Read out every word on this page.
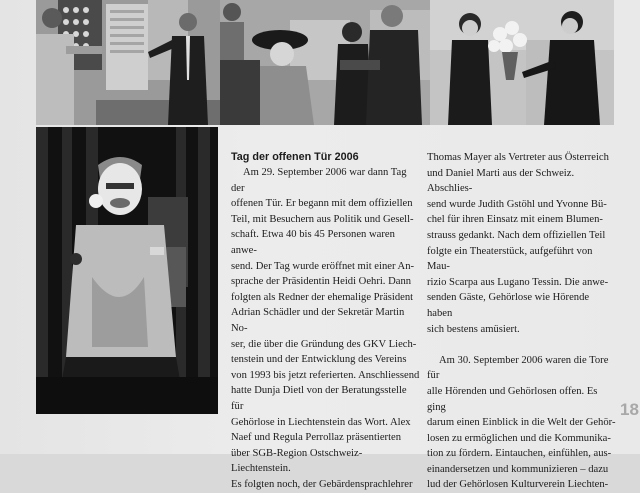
Tag der offenen Tür 2006

Am 29. September 2006 war dann Tag der

offenen Tür. Er begann mit dem offiziellen

Teil, mit Besuchern aus Politik und Gesell-

schaft. Etwa 40 bis 45 Personen waren anwe-

send. Der Tag wurde eröffnet mit einer An-

sprache der Präsidentin Heidi Oehri. Dann

folgten als Redner der ehemalige Präsident

Adrian Schädler und der Sekretär Martin No-

ser, die über die Gründung des GKV Liech-

tenstein und der Entwicklung des Vereins

von 1993 bis jetzt referierten. Anschliessend

hatte Dunja Dietl von der Beratungsstelle für

Gehörlose in Liechtenstein das Wort. Alex

Naef und Regula Perrollaz präsentierten

über SGB-Region Ostschweiz-Liechtenstein.

Es folgten noch, der Gebärdensprachlehrer

Thomas Mayer als Vertreter aus Österreich

und Daniel Marti aus der Schweiz. Abschlies-

send wurde Judith Gstöhl und Yvonne Bü-

chel für ihren Einsatz mit einem Blumen-

strauss gedankt. Nach dem offiziellen Teil

folgte ein Theaterstück, aufgeführt von Mau-

rizio Scarpa aus Lugano Tessin. Die anwe-

senden Gäste, Gehörlose wie Hörende haben

sich bestens amüsiert.

Am 30. September 2006 waren die Tore für

alle Hörenden und Gehörlosen offen. Es ging

darum einen Einblick in die Welt der Gehör-

losen zu ermöglichen und die Kommunika-

tion zu fördern. Eintauchen, einfühlen, aus-

einandersetzen und kommunizieren – dazu

lud der Gehörlosen Kulturverein Liechten-

18
